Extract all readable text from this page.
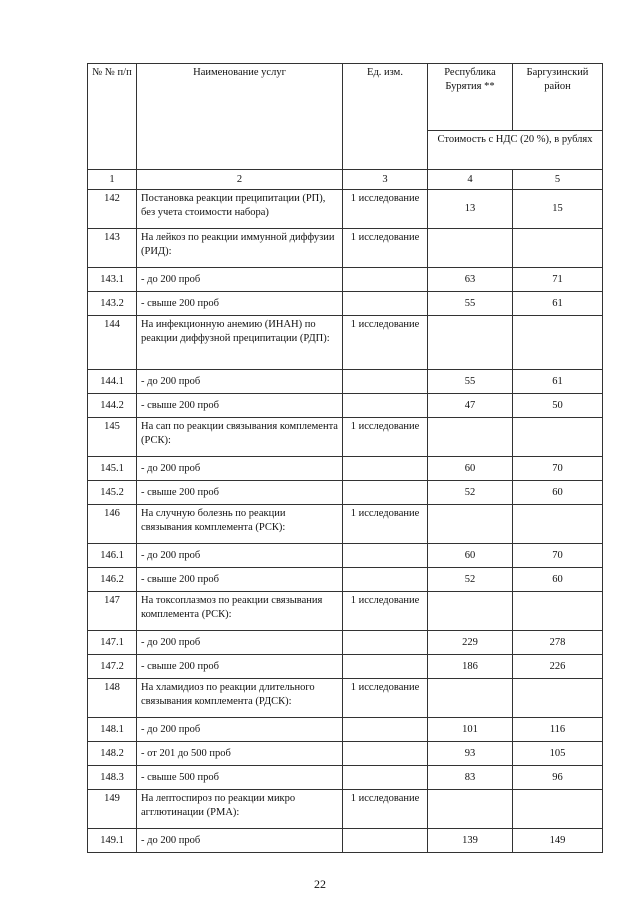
№ № п/п	Наименование услуг	Ед. изм.	Республика Бурятия **	Баргузинский район
			Стоимость с НДС (20 %), в рублях	
1	2	3	4	5
142	Постановка реакции преципитации (РП), без учета стоимости набора)	1 исследование	13	15
143	На лейкоз по реакции иммунной диффузии (РИД):	1 исследование		
143.1	- до 200 проб		63	71
143.2	- свыше 200 проб		55	61
144	На инфекционную анемию (ИНАН) по реакции диффузной преципитации (РДП):	1 исследование		
144.1	- до 200 проб		55	61
144.2	- свыше 200 проб		47	50
145	На сап по реакции связывания комплемента (РСК):	1 исследование		
145.1	- до 200 проб		60	70
145.2	- свыше 200 проб		52	60
146	На случную болезнь по реакции связывания комплемента (РСК):	1 исследование		
146.1	- до 200 проб		60	70
146.2	- свыше 200 проб		52	60
147	На токсоплазмоз по реакции связывания комплемента (РСК):	1 исследование		
147.1	- до 200 проб		229	278
147.2	- свыше 200 проб		186	226
148	На хламидиоз по реакции длительного связывания комплемента (РДСК):	1 исследование		
148.1	- до 200 проб		101	116
148.2	- от 201 до 500 проб		93	105
148.3	- свыше 500 проб		83	96
149	На лептоспироз по реакции микро агглютинации (РМА):	1 исследование		
149.1	- до 200 проб		139	149
22
